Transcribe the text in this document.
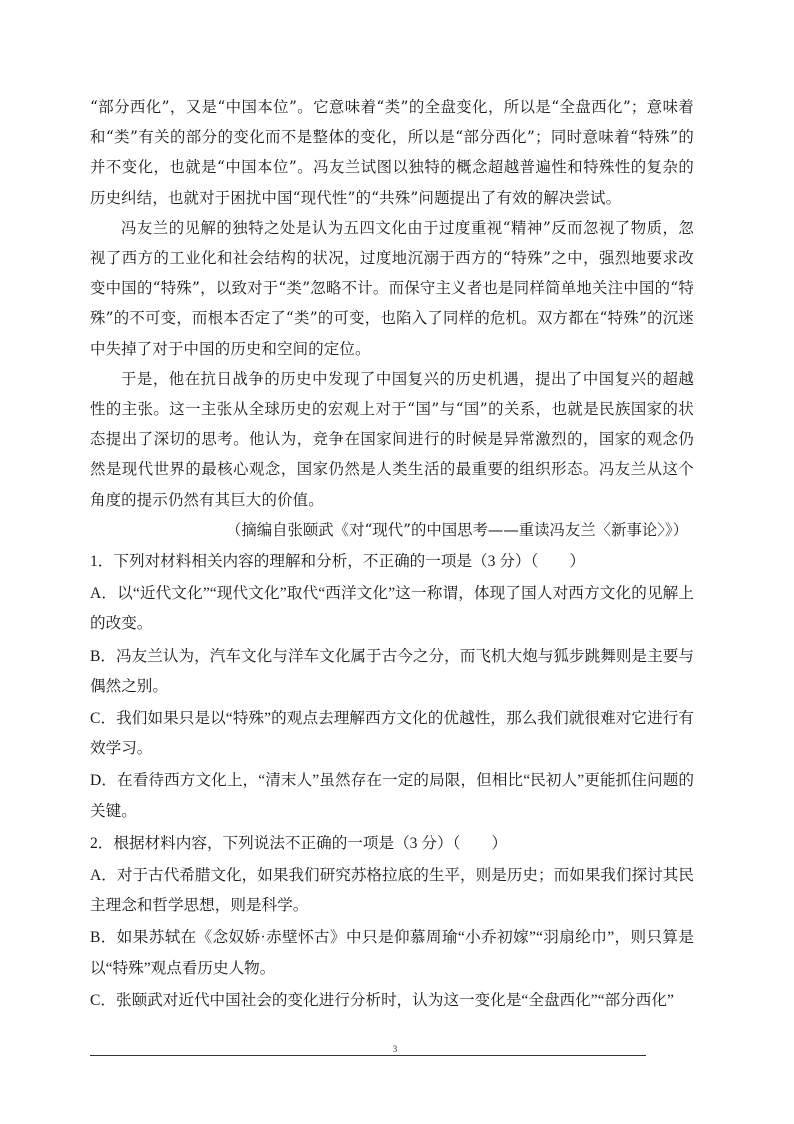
“部分西化”，又是“中国本位”。它意味着“类”的全盘变化，所以是“全盘西化”；意味着和“类”有关的部分的变化而不是整体的变化，所以是“部分西化”；同时意味着“特殊”的并不变化，也就是“中国本位”。冯友兰试图以独特的概念超越普遍性和特殊性的复杂的历史纠结，也就对于困扰中国“现代性”的“共殊”问题提出了有效的解决尝试。

冯友兰的见解的独特之处是认为五四文化由于过度重视“精神”反而忽视了物质，忽视了西方的工业化和社会结构的状况，过度地沉溺于西方的“特殊”之中，强烈地要求改变中国的“特殊”，以致对于“类”忽略不计。而保守主义者也是同样简单地关注中国的“特殊”的不可变，而根本否定了“类”的可变，也陷入了同样的危机。双方都在“特殊”的沉迷中失掉了对于中国的历史和空间的定位。

于是，他在抗日战争的历史中发现了中国复兴的历史机遇，提出了中国复兴的超越性的主张。这一主张从全球历史的宏观上对于“国”与“国”的关系，也就是民族国家的状态提出了深切的思考。他认为，竞争在国家间进行的时候是异常激烈的，国家的观念仍然是现代世界的最核心观念，国家仍然是人类生活的最重要的组织形态。冯友兰从这个角度的提示仍然有其巨大的价值。

（摘编自张颐武《对“现代”的中国思考——重读冯友兰〈新事论〉》）

1．下列对材料相关内容的理解和分析，不正确的一项是（3 分）（　　）

A．以“近代文化”“现代文化”取代“西洋文化”这一称谓，体现了国人对西方文化的见解上的改变。

B．冯友兰认为，汽车文化与洋车文化属于古今之分，而飞机大炮与狐步跳舞则是主要与偶然之别。

C．我们如果只是以“特殊”的观点去理解西方文化的优越性，那么我们就很难对它进行有效学习。

D．在看待西方文化上，“清末人”虽然存在一定的局限，但相比“民初人”更能抓住问题的关键。

2．根据材料内容，下列说法不正确的一项是（3 分）（　　）

A．对于古代希腊文化，如果我们研究苏格拉底的生平，则是历史；而如果我们探讨其民主理念和哲学思想，则是科学。

B．如果苏轼在《念奴娇·赤壁怀古》中只是仰慕周瑜“小乔初嫁”“羽扇纶巾”，则只算是以“特殊”观点看历史人物。

C．张颐武对近代中国社会的变化进行分析时，认为这一变化是“全盘西化”“部分西化”

3
